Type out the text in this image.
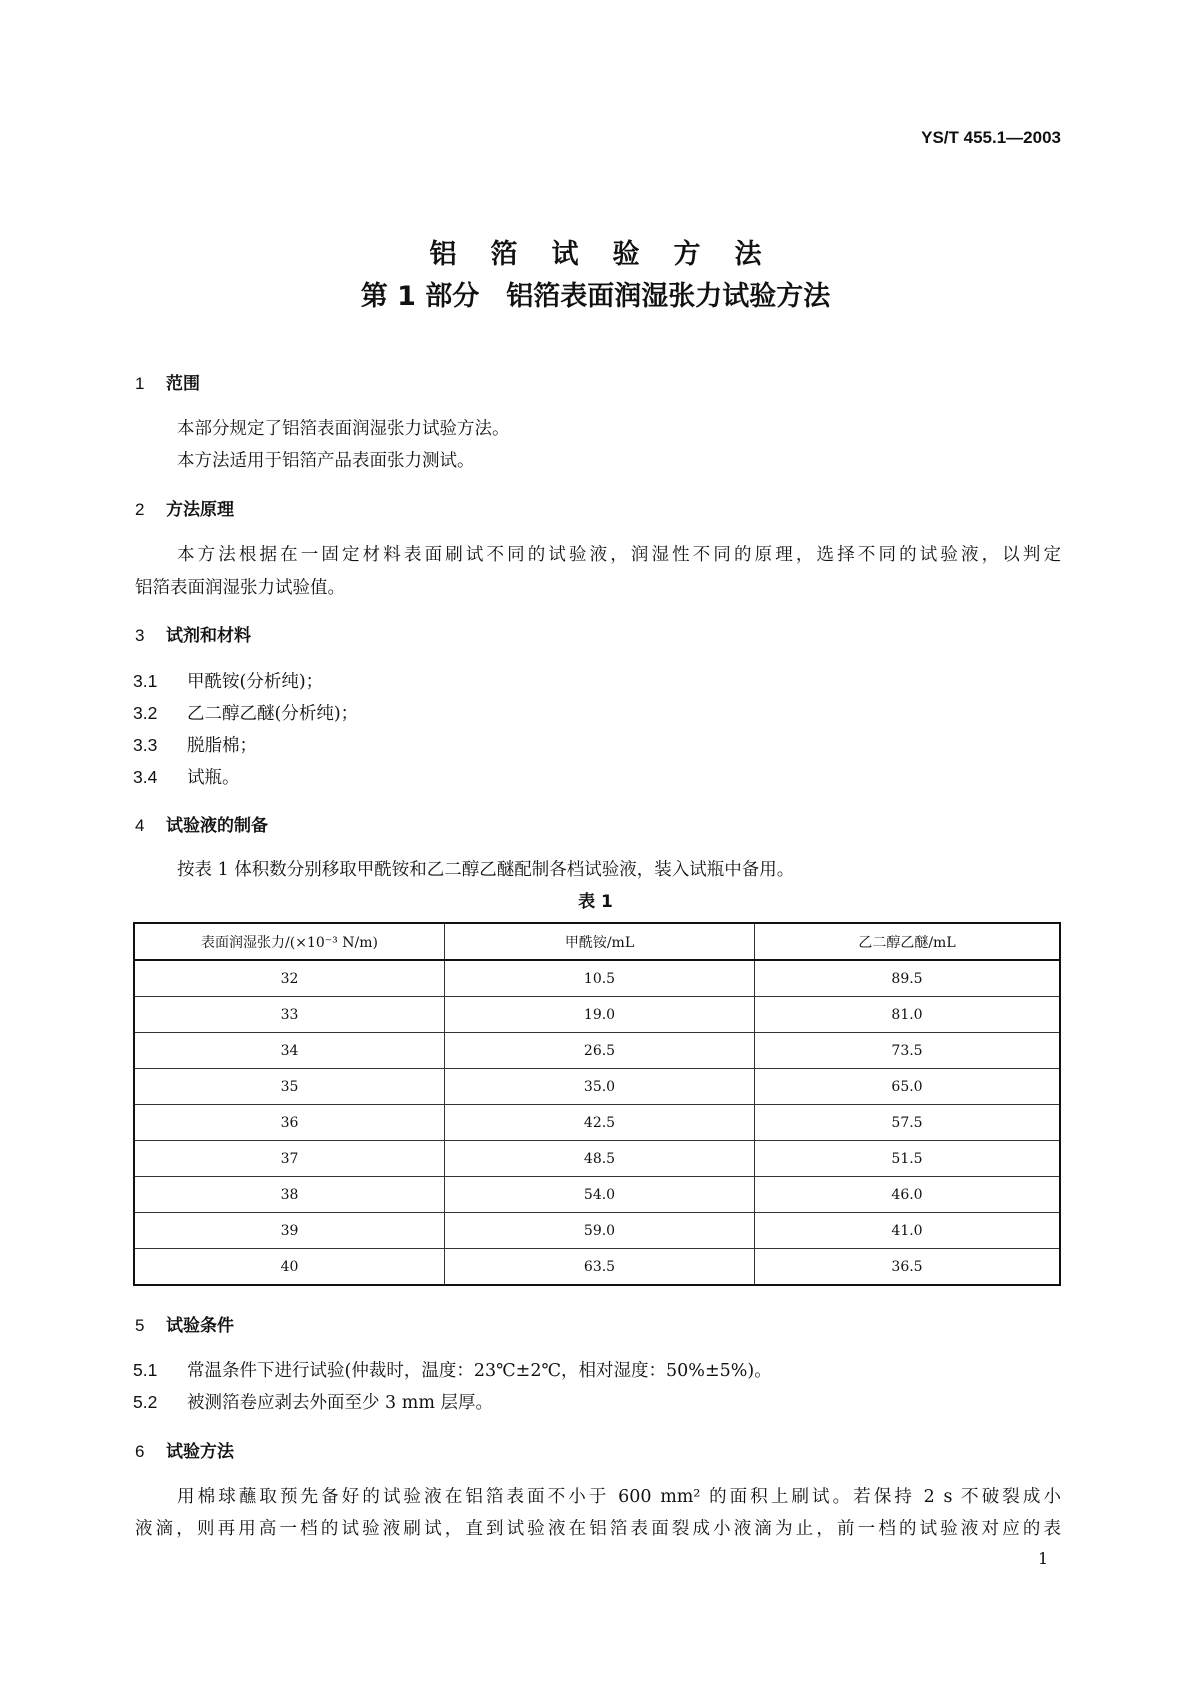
YS/T 455.1—2003
铝箔试验方法
第 1 部分　铝箔表面润湿张力试验方法
1 范围
本部分规定了铝箔表面润湿张力试验方法。
本方法适用于铝箔产品表面张力测试。
2 方法原理
本方法根据在一固定材料表面刷试不同的试验液，润湿性不同的原理，选择不同的试验液，以判定
铝箔表面润湿张力试验值。
3 试剂和材料
3.1 甲酰铵(分析纯)；
3.2 乙二醇乙醚(分析纯)；
3.3 脱脂棉；
3.4 试瓶。
4 试验液的制备
按表 1 体积数分别移取甲酰铵和乙二醇乙醚配制各档试验液，装入试瓶中备用。
表 1
表面润湿张力/(×10⁻³ N/m)	甲酰铵/mL	乙二醇乙醚/mL
32	10.5	89.5
33	19.0	81.0
34	26.5	73.5
35	35.0	65.0
36	42.5	57.5
37	48.5	51.5
38	54.0	46.0
39	59.0	41.0
40	63.5	36.5
5 试验条件
5.1 常温条件下进行试验(仲裁时，温度：23℃±2℃，相对湿度：50%±5%)。
5.2 被测箔卷应剥去外面至少 3 mm 层厚。
6 试验方法
用棉球蘸取预先备好的试验液在铝箔表面不小于 600 mm² 的面积上刷试。若保持 2 s 不破裂成小
液滴，则再用高一档的试验液刷试，直到试验液在铝箔表面裂成小液滴为止，前一档的试验液对应的表
1
